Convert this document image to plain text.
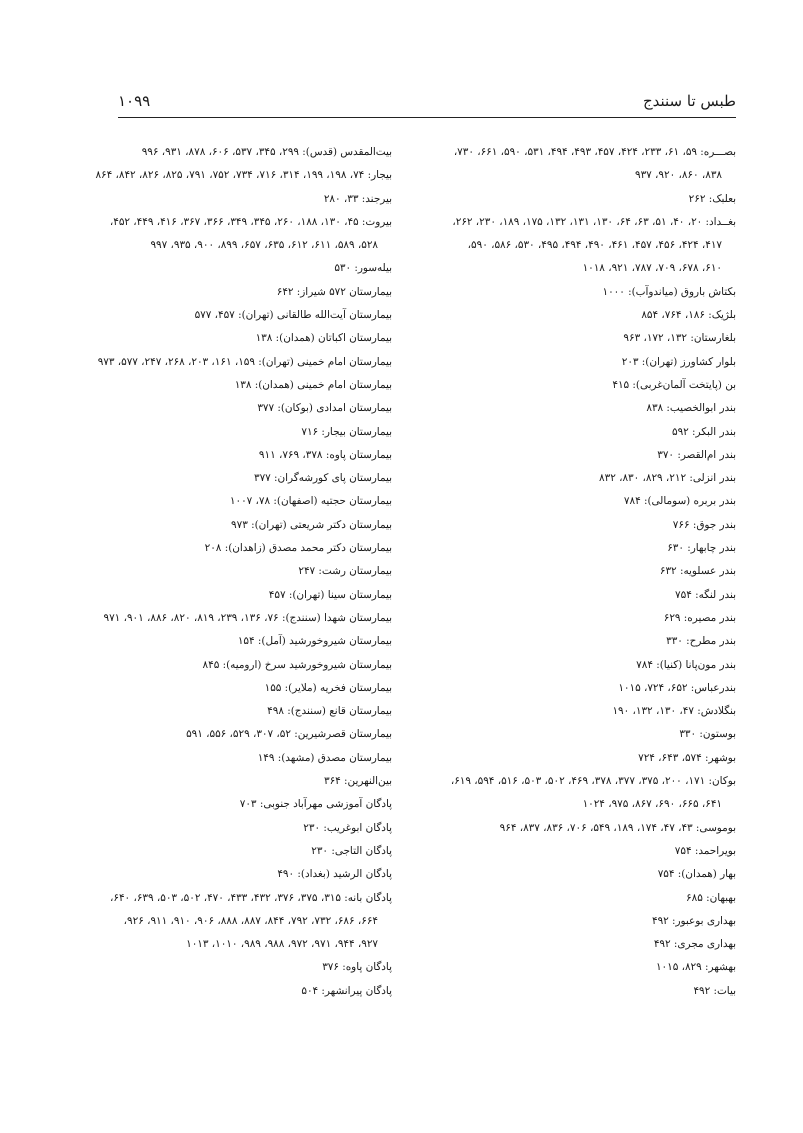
طبس تا سنندج
۱۰۹۹
بصـــره: ۵۹، ۶۱، ۲۳۳، ۴۲۴، ۴۵۷، ۴۹۳، ۴۹۴، ۵۳۱، ۵۹۰، ۶۶۱، ۷۳۰،
۸۳۸، ۸۶۰، ۹۲۰، ۹۳۷
بعلبک: ۲۶۲
بغــداد: ۲۰، ۴۰، ۵۱، ۶۳، ۶۴، ۱۳۰، ۱۳۱، ۱۳۲، ۱۷۵، ۱۸۹، ۲۳۰، ۲۶۲،
۴۱۷، ۴۲۴، ۴۵۶، ۴۵۷، ۴۶۱، ۴۹۰، ۴۹۴، ۴۹۵، ۵۳۰، ۵۸۶، ۵۹۰،
۶۱۰، ۶۷۸، ۷۰۹، ۷۸۷، ۹۲۱، ۱۰۱۸
بکتاش باروق (میاندوآب): ۱۰۰۰
بلژیک: ۱۸۶، ۷۶۴، ۸۵۴
بلغارستان: ۱۳۲، ۱۷۲، ۹۶۳
بلوار کشاورز (تهران): ۲۰۳
بن (پایتخت آلمان‌غربی): ۴۱۵
بندر ابوالخصیب: ۸۳۸
بندر البکر: ۵۹۲
بندر ام‌القصر: ۳۷۰
بندر انزلی: ۲۱۲، ۸۲۹، ۸۳۰، ۸۳۲
بندر بربره (سومالی): ۷۸۴
بندر جوق: ۷۶۶
بندر چابهار: ۶۳۰
بندر عسلویه: ۶۳۲
بندر لنگه: ۷۵۴
بندر مصیره: ۶۲۹
بندر مطرح: ۳۳۰
بندر مون‌پانا (کنیا): ۷۸۴
بندرعباس: ۶۵۲، ۷۲۴، ۱۰۱۵
بنگلادش: ۴۷، ۱۳۰، ۱۳۲، ۱۹۰
بوستون: ۳۳۰
بوشهر: ۵۷۴، ۶۴۳، ۷۲۴
بوکان: ۱۷۱، ۲۰۰، ۳۷۵، ۳۷۷، ۳۷۸، ۴۶۹، ۵۰۲، ۵۰۳، ۵۱۶، ۵۹۴، ۶۱۹،
۶۴۱، ۶۶۵، ۶۹۰، ۸۶۷، ۹۷۵، ۱۰۲۴
بوموسی: ۴۳، ۴۷، ۱۷۴، ۱۸۹، ۵۴۹، ۷۰۶، ۸۳۶، ۸۳۷، ۹۶۴
بویراحمد: ۷۵۴
بهار (همدان): ۷۵۴
بهبهان: ۶۸۵
بهداری بوعبور: ۴۹۲
بهداری مجری: ۴۹۲
بهشهر: ۸۲۹، ۱۰۱۵
بیات: ۴۹۲
بیت‌المقدس (قدس): ۲۹۹، ۳۴۵، ۵۳۷، ۶۰۶، ۸۷۸، ۹۳۱، ۹۹۶
بیجار: ۷۴، ۱۹۸، ۱۹۹، ۳۱۴، ۷۱۶، ۷۳۴، ۷۵۲، ۷۹۱، ۸۲۵، ۸۲۶، ۸۴۲، ۸۶۴
بیرجند: ۳۳، ۲۸۰
بیروت: ۴۵، ۱۳۰، ۱۸۸، ۲۶۰، ۳۴۵، ۳۴۹، ۳۶۶، ۳۶۷، ۴۱۶، ۴۴۹، ۴۵۲،
۵۲۸، ۵۸۹، ۶۱۱، ۶۱۲، ۶۳۵، ۶۵۷، ۸۹۹، ۹۰۰، ۹۳۵، ۹۹۷
بیله‌سور: ۵۳۰
بیمارستان ۵۷۲ شیراز: ۶۴۲
بیمارستان آیت‌الله طالقانی (تهران): ۴۵۷، ۵۷۷
بیمارستان اکباتان (همدان): ۱۳۸
بیمارستان امام خمینی (تهران): ۱۵۹، ۱۶۱، ۲۰۳، ۲۶۸، ۲۴۷، ۵۷۷، ۹۷۳
بیمارستان امام خمینی (همدان): ۱۳۸
بیمارستان امدادی (بوکان): ۳۷۷
بیمارستان بیجار: ۷۱۶
بیمارستان پاوه: ۳۷۸، ۷۶۹، ۹۱۱
بیمارستان پای کورشه‌گران: ۳۷۷
بیمارستان حجتیه (اصفهان): ۷۸، ۱۰۰۷
بیمارستان دکتر شریعتی (تهران): ۹۷۳
بیمارستان دکتر محمد مصدق (زاهدان): ۲۰۸
بیمارستان رشت: ۲۴۷
بیمارستان سینا (تهران): ۴۵۷
بیمارستان شهدا (سنندج): ۷۶، ۱۳۶، ۲۳۹، ۸۱۹، ۸۲۰، ۸۸۶، ۹۰۱، ۹۷۱
بیمارستان شیروخورشید (آمل): ۱۵۴
بیمارستان شیروخورشید سرخ (ارومیه): ۸۴۵
بیمارستان فخریه (ملایر): ۱۵۵
بیمارستان قانع (سنندج): ۴۹۸
بیمارستان قصرشیرین: ۵۲، ۳۰۷، ۵۲۹، ۵۵۶، ۵۹۱
بیمارستان مصدق (مشهد): ۱۴۹
بین‌النهرین: ۳۶۴
پادگان آموزشی مهرآباد جنوبی: ۷۰۳
پادگان ابوغریب: ۲۳۰
پادگان التاجی: ۲۳۰
پادگان الرشید (بغداد): ۴۹۰
پادگان بانه: ۳۱۵، ۳۷۵، ۳۷۶، ۴۳۲، ۴۳۳، ۴۷۰، ۵۰۲، ۵۰۳، ۶۳۹، ۶۴۰،
۶۶۴، ۶۸۶، ۷۳۲، ۷۹۲، ۸۴۴، ۸۸۷، ۸۸۸، ۹۰۶، ۹۱۰، ۹۱۱، ۹۲۶،
۹۲۷، ۹۴۴، ۹۷۱، ۹۷۲، ۹۸۸، ۹۸۹، ۱۰۱۰، ۱۰۱۳
پادگان پاوه: ۳۷۶
پادگان پیرانشهر: ۵۰۴
